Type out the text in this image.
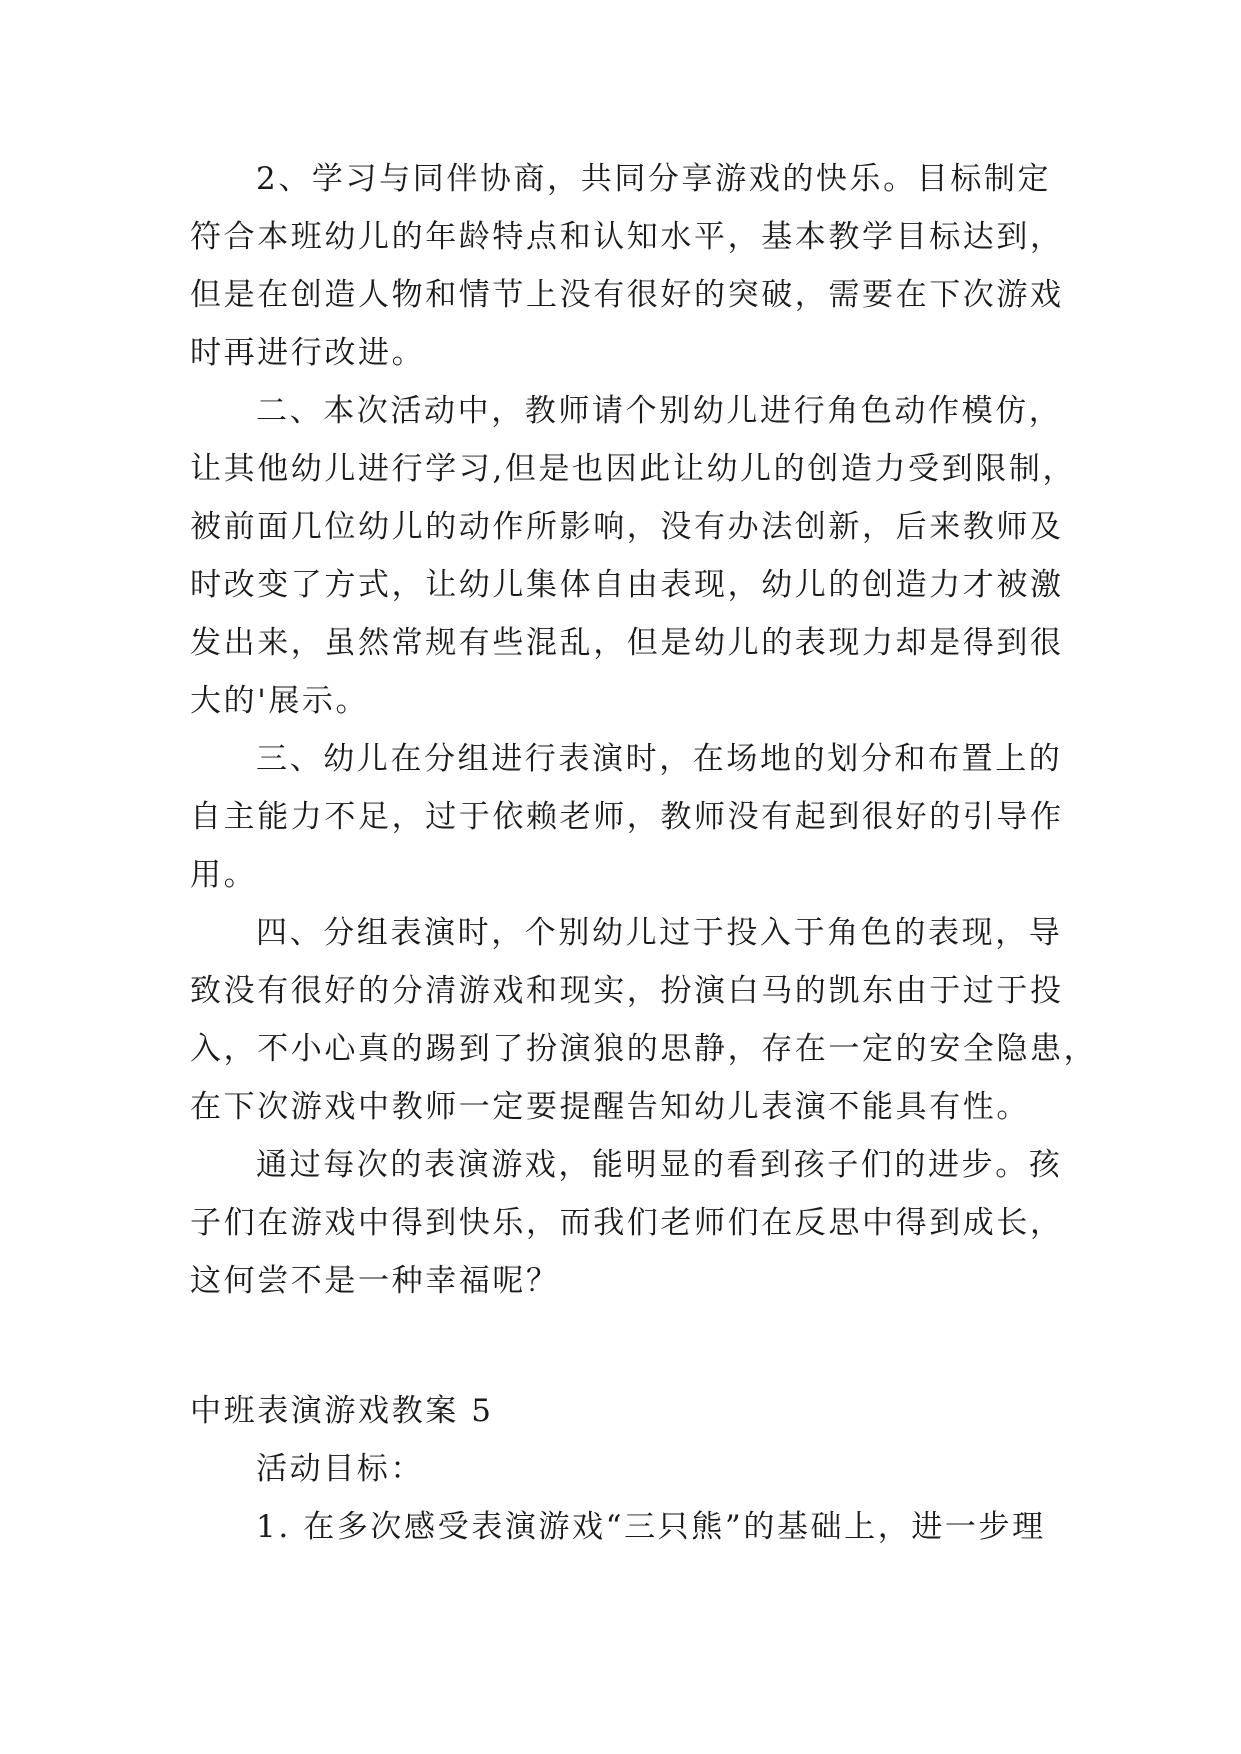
2、学习与同伴协商，共同分享游戏的快乐。目标制定
符合本班幼儿的年龄特点和认知水平，基本教学目标达到，
但是在创造人物和情节上没有很好的突破，需要在下次游戏
时再进行改进。
二、本次活动中，教师请个别幼儿进行角色动作模仿，
让其他幼儿进行学习,但是也因此让幼儿的创造力受到限制，
被前面几位幼儿的动作所影响，没有办法创新，后来教师及
时改变了方式，让幼儿集体自由表现，幼儿的创造力才被激
发出来，虽然常规有些混乱，但是幼儿的表现力却是得到很
大的'展示。
三、幼儿在分组进行表演时，在场地的划分和布置上的
自主能力不足，过于依赖老师，教师没有起到很好的引导作
用。
四、分组表演时，个别幼儿过于投入于角色的表现，导
致没有很好的分清游戏和现实，扮演白马的凯东由于过于投
入，不小心真的踢到了扮演狼的思静，存在一定的安全隐患，
在下次游戏中教师一定要提醒告知幼儿表演不能具有性。
通过每次的表演游戏，能明显的看到孩子们的进步。孩
子们在游戏中得到快乐，而我们老师们在反思中得到成长，
这何尝不是一种幸福呢？
中班表演游戏教案 5
活动目标：
1. 在多次感受表演游戏“三只熊”的基础上，进一步理
